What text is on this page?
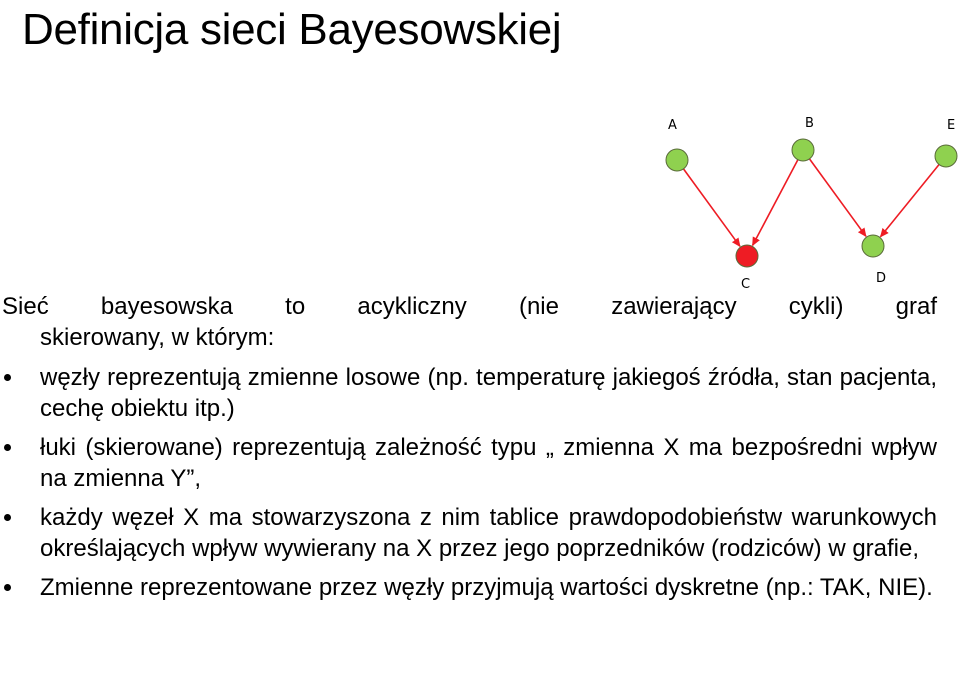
Definicja sieci Bayesowskiej
A	B
C	D
E
Sieć bayesowska to acykliczny (nie zawierający cykli) graf
skierowany, w którym:
węzły reprezentują zmienne losowe (np. temperaturę jakiegoś źródła, stan pacjenta, cechę obiektu itp.)
łuki (skierowane) reprezentują zależność typu „ zmienna X ma bezpośredni wpływ na zmienna Y”,
każdy węzeł X ma stowarzyszona z nim tablice prawdopodobieństw warunkowych określających wpływ wywierany na X przez jego poprzedników (rodziców) w grafie,
Zmienne reprezentowane przez węzły przyjmują wartości dyskretne (np.: TAK, NIE).
